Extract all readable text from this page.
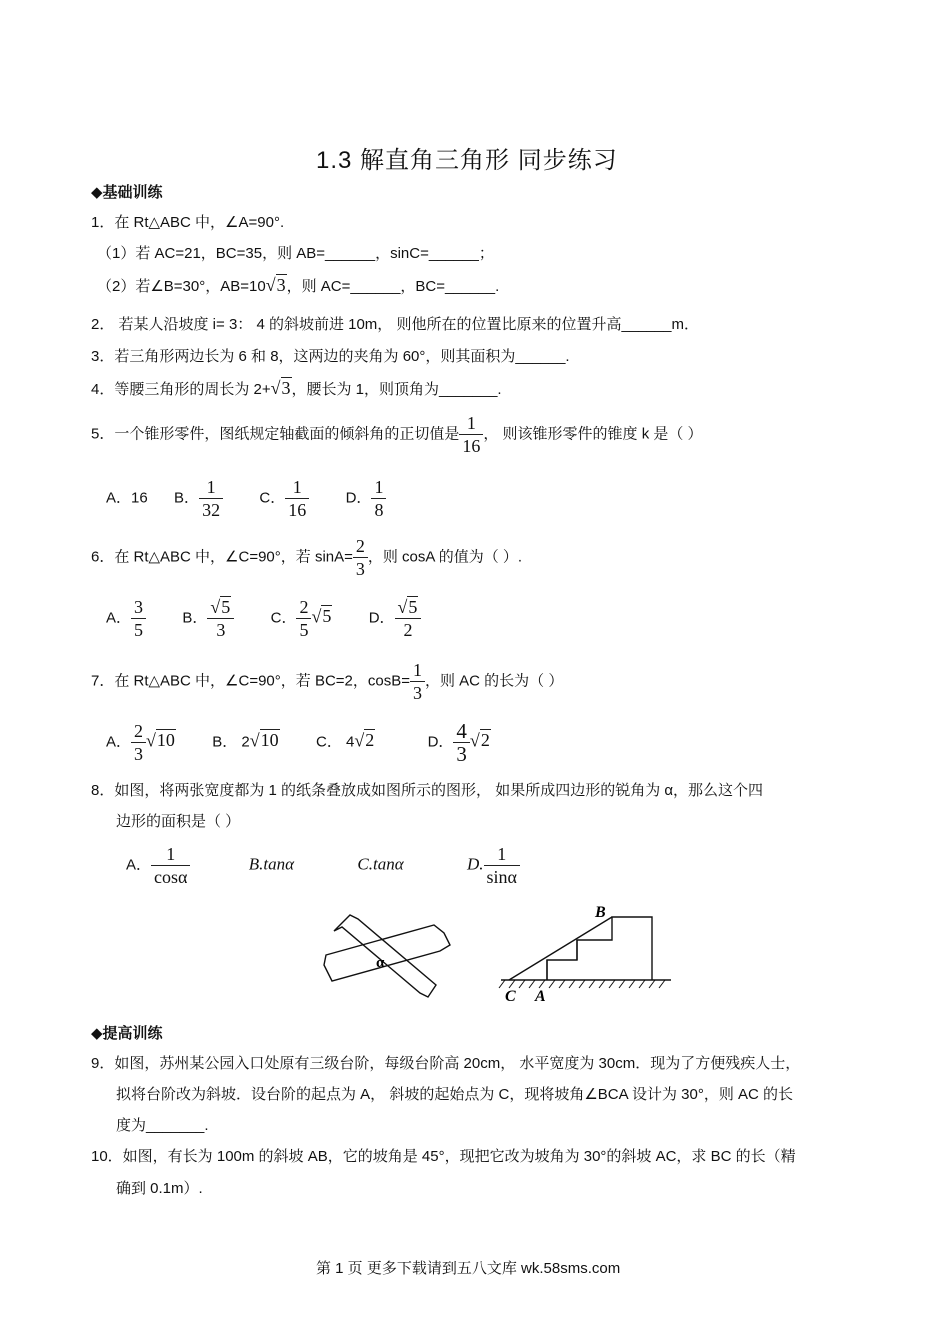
1.3 解直角三角形 同步练习
◆基础训练
1．在 Rt△ABC 中，∠A=90°.
（1）若 AC=21，BC=35，则 AB=______，sinC=______；
（2）若∠B=30°，AB=10√3，则 AC=______，BC=______.
2． 若某人沿坡度 i= 3： 4 的斜坡前进 10m， 则他所在的位置比原来的位置升高______m．
3．若三角形两边长为 6 和 8，这两边的夹角为 60°，则其面积为______.
4．等腰三角形的周长为 2+√3，腰长为 1，则顶角为_______.
5．一个锥形零件，图纸规定轴截面的倾斜角的正切值是 $\frac{1}{16}$ ， 则该锥形零件的锥度 k 是（ ）
A．16 B． $\frac{1}{32}$ C． $\frac{1}{16}$ D． $\frac{1}{8}$
6．在 Rt△ABC 中，∠C=90°，若 $\sin A= \frac{2}{3}$ ，则 cosA 的值为（ ）.
A． $\frac{3}{5}$ B． $\frac{√5}{3}$ C． $\frac{2}{5} √5$ D． $\frac{√5}{2}$
7．在 Rt△ABC 中，∠C=90°，若 BC=2，$\cos B= \frac{1}{3}$ ，则 AC 的长为（ ）
A． $\frac{2}{3} √10$ B． 2√10 C． 4√2	D． $\frac{4}{3} √2$
8．如图，将两张宽度都为 1 的纸条叠放成如图所示的图形， 如果所成四边形的锐角为 α，那么这个四
边形的面积是（ ）
A． $\frac{1}{\cos\alpha}$	B.tanα	C.tanα	D. $\frac{1}{\sin\alpha}$
α
B
C A
◆提高训练
9．如图，苏州某公园入口处原有三级台阶，每级台阶高 20cm， 水平宽度为 30cm．现为了方便残疾人士，
拟将台阶改为斜坡．设台阶的起点为 A， 斜坡的起始点为 C，现将坡角∠BCA 设计为 30°，则 AC 的长
度为_______.
10．如图，有长为 100m 的斜坡 AB，它的坡角是 45°，现把它改为坡角为 30°的斜坡 AC，求 BC 的长（精
确到 0.1m）.
第 1 页 更多下载请到五八文库 wk.58sms.com
